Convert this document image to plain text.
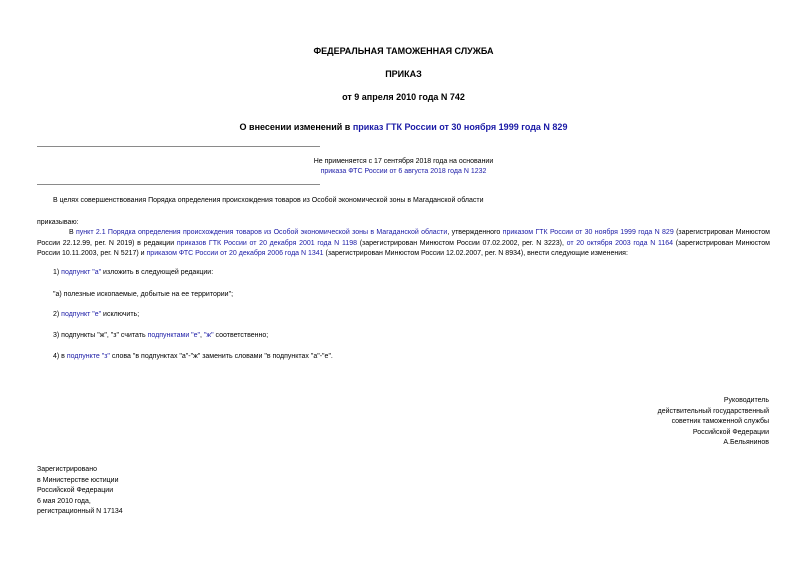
ФЕДЕРАЛЬНАЯ ТАМОЖЕННАЯ СЛУЖБА
ПРИКАЗ
от 9 апреля 2010 года N 742
О внесении изменений в приказ ГТК России от 30 ноября 1999 года N 829
Не применяется с 17 сентября 2018 года на основании
приказа ФТС России от 6 августа 2018 года N 1232
В целях совершенствования Порядка определения происхождения товаров из Особой экономической зоны в Магаданской области
приказываю:
В пункт 2.1 Порядка определения происхождения товаров из Особой экономической зоны в Магаданской области, утвержденного приказом ГТК России от 30 ноября 1999 года N 829 (зарегистрирован Минюстом России 22.12.99, рег. N 2019) в редакции приказов ГТК России от 20 декабря 2001 года N 1198 (зарегистрирован Минюстом России 07.02.2002, рег. N 3223), от 20 октября 2003 года N 1164 (зарегистрирован Минюстом России 10.11.2003, рег. N 5217) и приказом ФТС России от 20 декабря 2006 года N 1341 (зарегистрирован Минюстом России 12.02.2007, рег. N 8934), внести следующие изменения:
1) подпункт "а" изложить в следующей редакции:
"а) полезные ископаемые, добытые на ее территории";
2) подпункт "е" исключить;
3) подпункты "ж", "з" считать подпунктами "е", "ж" соответственно;
4) в подпункте "з" слова "в подпунктах "а"-"ж" заменить словами "в подпунктах "а"-"е".
Руководитель
действительный государственный
советник таможенной службы
Российской Федерации
А.Бельянинов
Зарегистрировано
в Министерстве юстиции
Российской Федерации
6 мая 2010 года,
регистрационный N 17134
